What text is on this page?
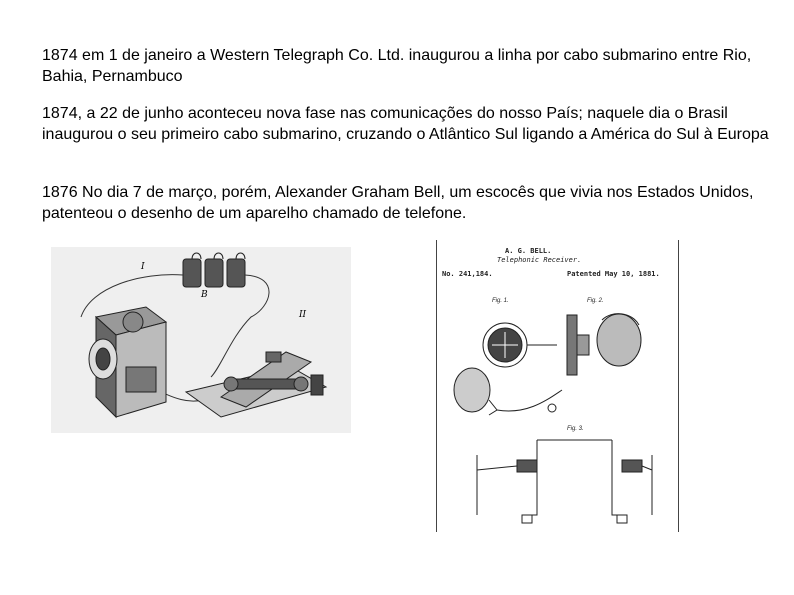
1874 em 1 de janeiro a Western Telegraph Co. Ltd. inaugurou a linha por cabo submarino entre Rio, Bahia, Pernambuco

1874, a 22 de junho aconteceu nova fase nas comunicações do nosso País; naquele dia o Brasil inaugurou o seu primeiro cabo submarino, cruzando o Atlântico Sul ligando a América do Sul à Europa

1876 No dia 7 de março, porém, Alexander Graham Bell, um escocês que vivia nos Estados Unidos, patenteou o desenho de um aparelho chamado de telefone.

I
B
II
A. G. BELL.
Telephonic Receiver.
No. 241,184.	Patented May 10, 1881.
Fig. 1.	Fig. 2.
Fig. 3.
